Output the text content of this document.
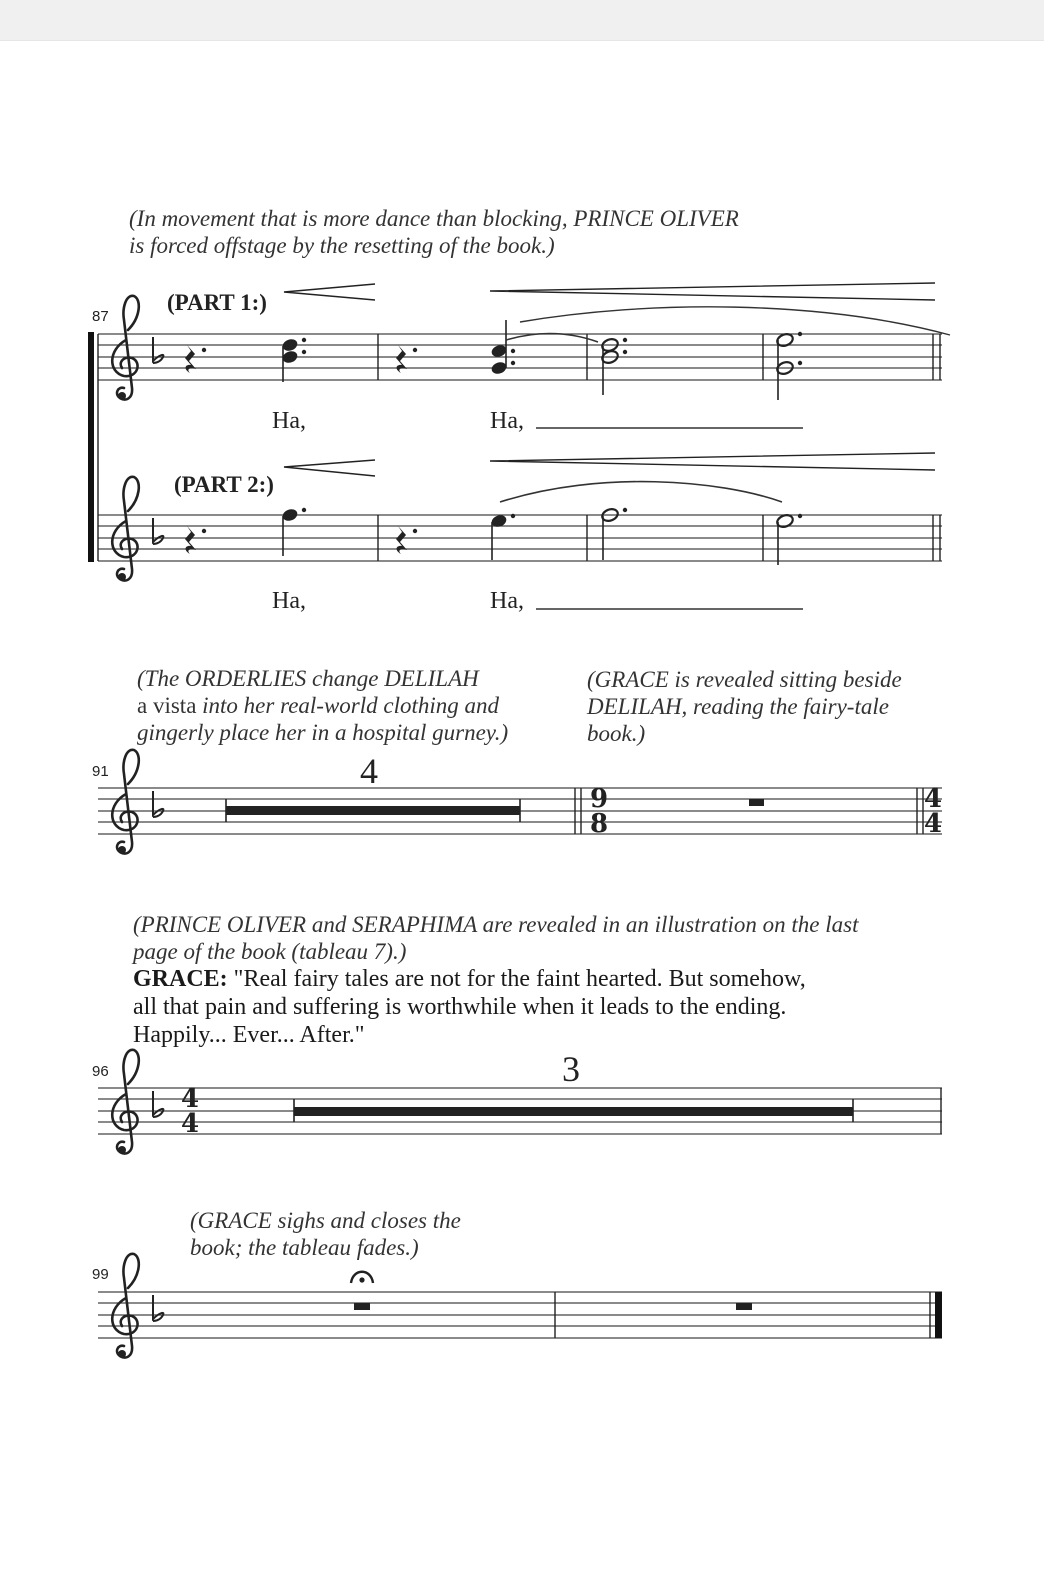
(In movement that is more dance than blocking, PRINCE OLIVER
is forced offstage by the resetting of the book.)

87
(PART 1:)
(PART 2:)
Ha,	Ha,
Ha,	Ha,

(The ORDERLIES change DELILAH
a vista into her real-world clothing and
gingerly place her in a hospital gurney.)

(GRACE is revealed sitting beside
DELILAH, reading the fairy-tale
book.)

91	4

(PRINCE OLIVER and SERAPHIMA are revealed in an illustration on the last
page of the book (tableau 7).)

GRACE: "Real fairy tales are not for the faint hearted. But somehow,
all that pain and suffering is worthwhile when it leads to the ending.
Happily... Ever... After."

96	3

(GRACE sighs and closes the
book; the tableau fades.)

99
9
8
4
4
4
4
